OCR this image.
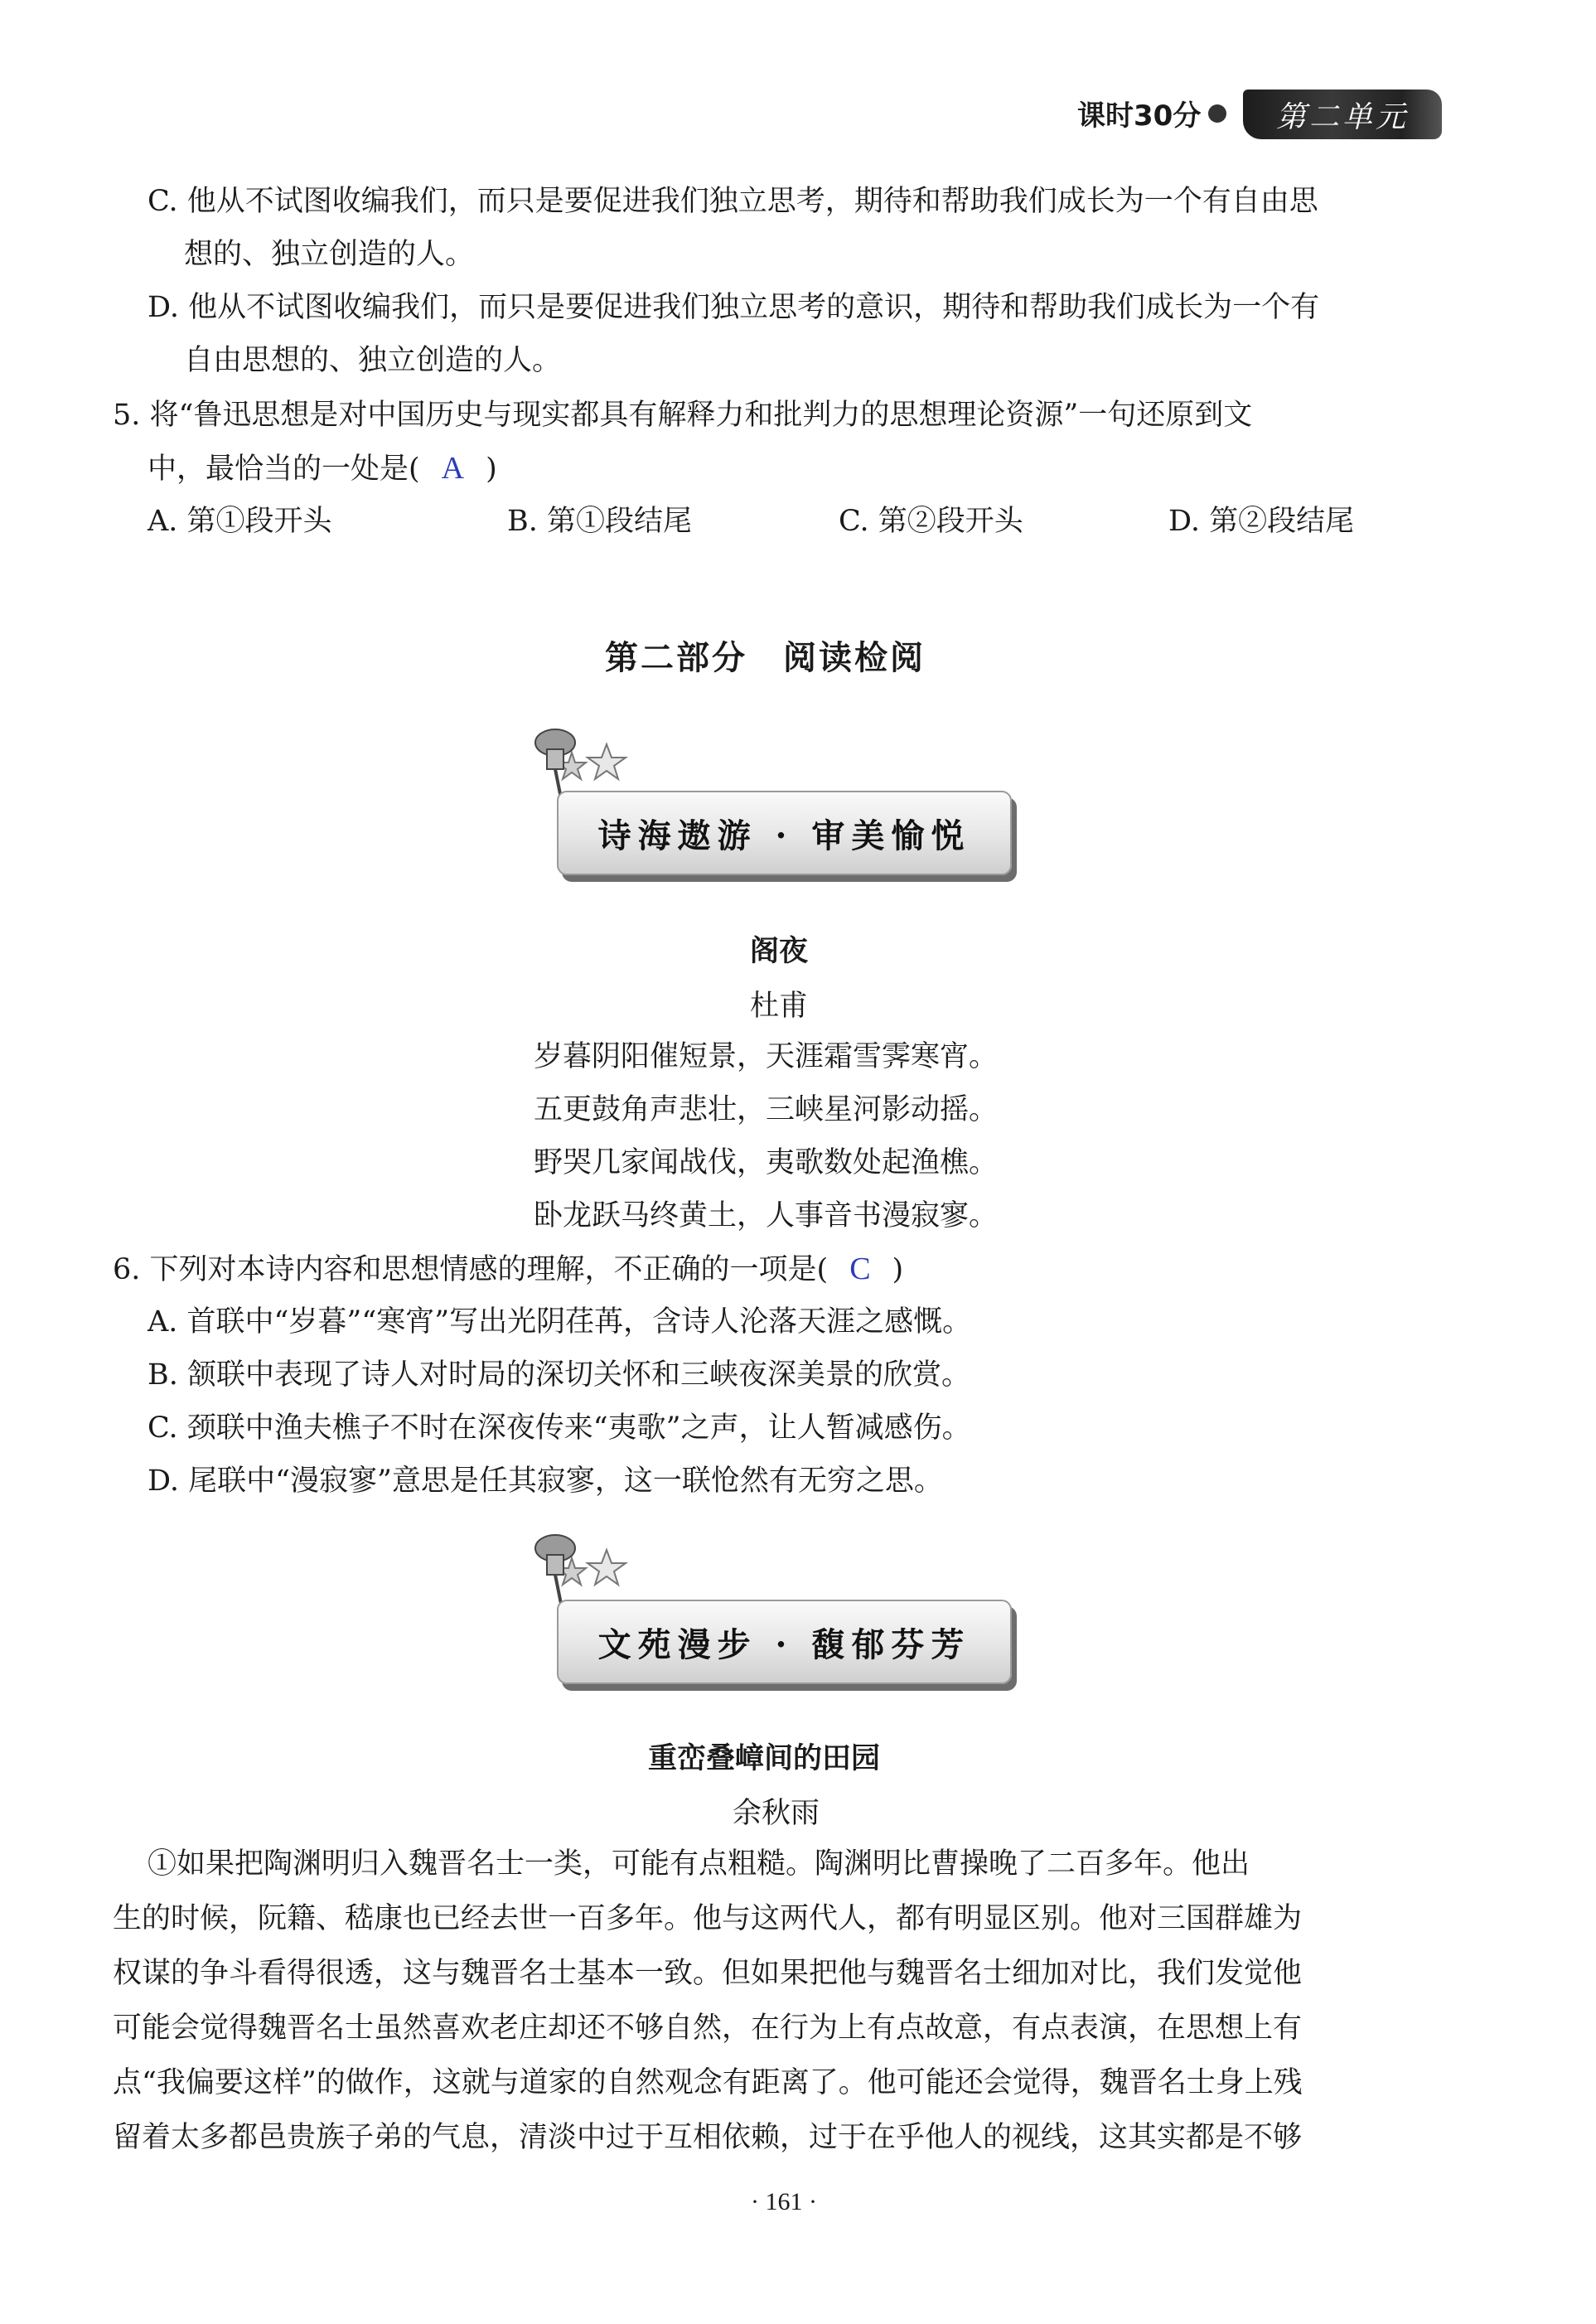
课时30分	第二单元
C. 他从不试图收编我们，而只是要促进我们独立思考，期待和帮助我们成长为一个有自由思
想的、独立创造的人。
D. 他从不试图收编我们，而只是要促进我们独立思考的意识，期待和帮助我们成长为一个有
自由思想的、独立创造的人。
5. 将“鲁迅思想是对中国历史与现实都具有解释力和批判力的思想理论资源”一句还原到文
中，最恰当的一处是( A )
A. 第①段开头	B. 第①段结尾	C. 第②段开头	D. 第②段结尾
第二部分　阅读检阅
诗海遨游 · 审美愉悦
阁夜
杜甫
岁暮阴阳催短景，天涯霜雪霁寒宵。
五更鼓角声悲壮，三峡星河影动摇。
野哭几家闻战伐，夷歌数处起渔樵。
卧龙跃马终黄土，人事音书漫寂寥。
6. 下列对本诗内容和思想情感的理解，不正确的一项是( C )
A. 首联中“岁暮”“寒宵”写出光阴荏苒，含诗人沦落天涯之感慨。
B. 颔联中表现了诗人对时局的深切关怀和三峡夜深美景的欣赏。
C. 颈联中渔夫樵子不时在深夜传来“夷歌”之声，让人暂减感伤。
D. 尾联中“漫寂寥”意思是任其寂寥，这一联怆然有无穷之思。
文苑漫步 · 馥郁芬芳
重峦叠嶂间的田园
余秋雨
①如果把陶渊明归入魏晋名士一类，可能有点粗糙。陶渊明比曹操晚了二百多年。他出
生的时候，阮籍、嵇康也已经去世一百多年。他与这两代人，都有明显区别。他对三国群雄为
权谋的争斗看得很透，这与魏晋名士基本一致。但如果把他与魏晋名士细加对比，我们发觉他
可能会觉得魏晋名士虽然喜欢老庄却还不够自然，在行为上有点故意，有点表演，在思想上有
点“我偏要这样”的做作，这就与道家的自然观念有距离了。他可能还会觉得，魏晋名士身上残
留着太多都邑贵族子弟的气息，清淡中过于互相依赖，过于在乎他人的视线，这其实都是不够
· 161 ·
